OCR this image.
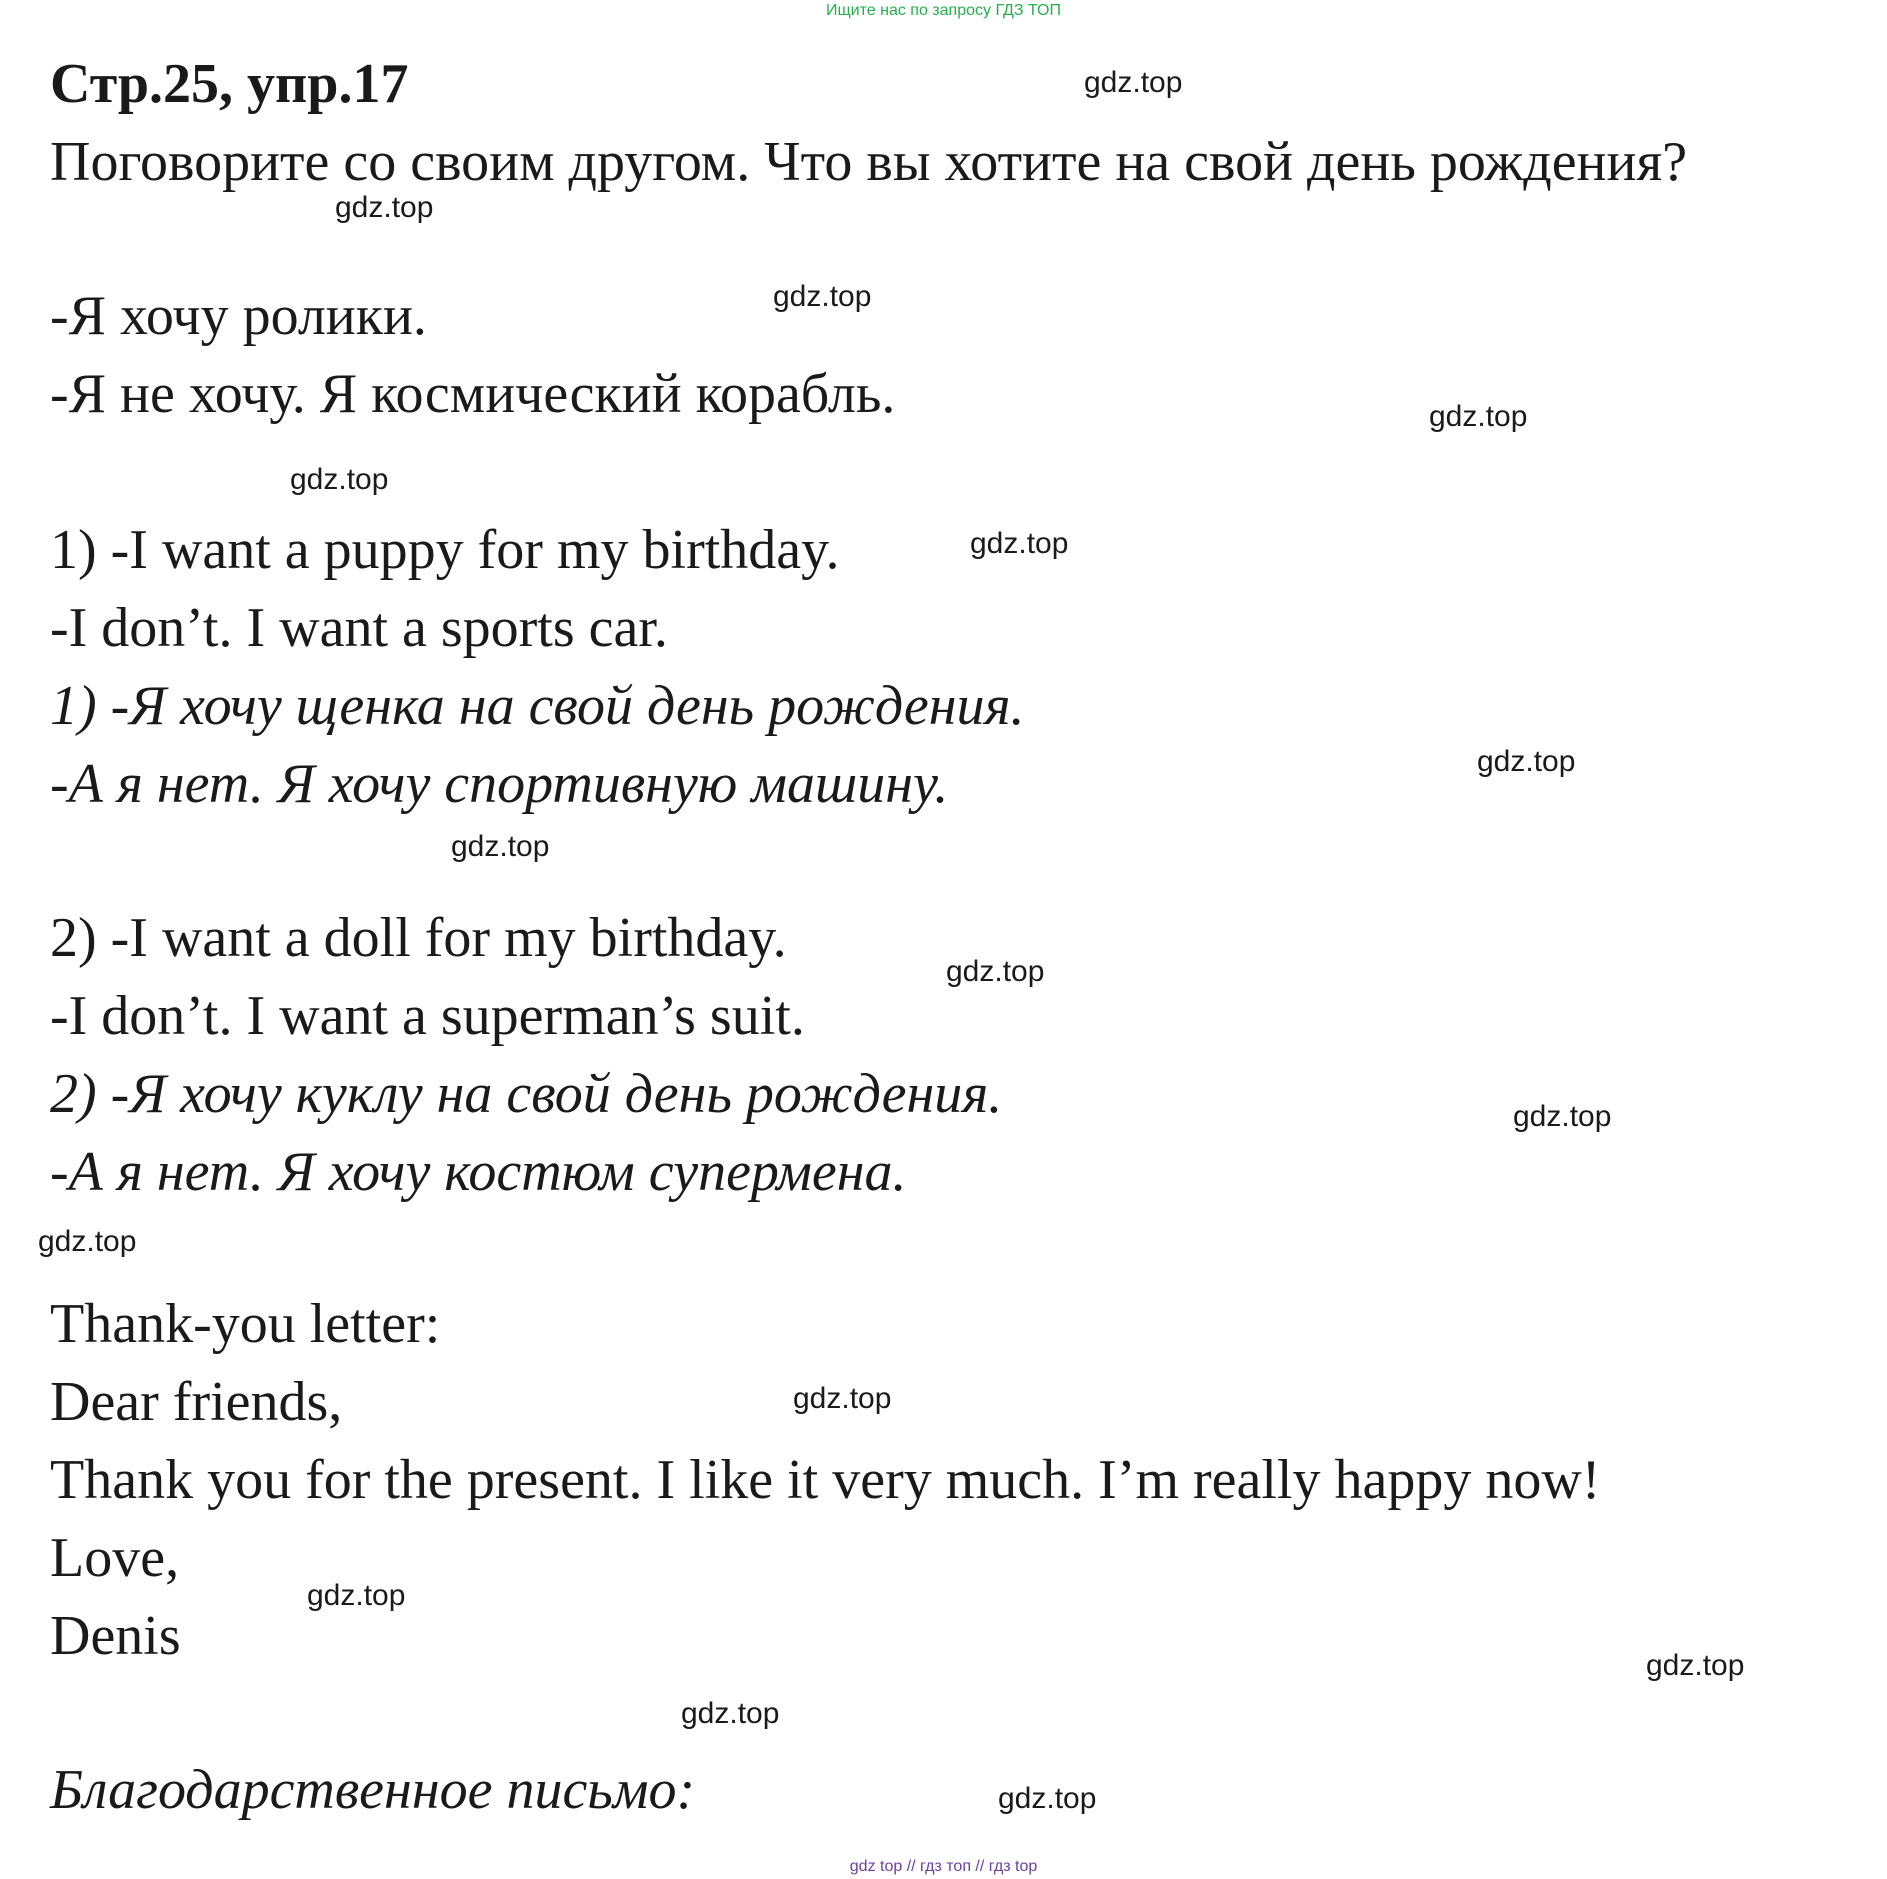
Ищите нас по запросу ГДЗ ТОП
Стр.25, упр.17
Поговорите со своим другом. Что вы хотите на свой день рождения?
-Я хочу ролики.
-Я не хочу. Я космический корабль.
1) -I want a puppy for my birthday.
-I don’t. I want a sports car.
1) -Я хочу щенка на свой день рождения.
-А я нет. Я хочу спортивную машину.
2) -I want a doll for my birthday.
-I don’t. I want a superman’s suit.
2) -Я хочу куклу на свой день рождения.
-А я нет. Я хочу костюм супермена.
Thank-you letter:
Dear friends,
Thank you for the present. I like it very much. I’m really happy now!
Love,
Denis
Благодарственное письмо:
gdz.top
gdz.top
gdz.top
gdz.top
gdz.top
gdz.top
gdz.top
gdz.top
gdz.top
gdz.top
gdz.top
gdz.top
gdz.top
gdz.top
gdz.top
gdz.top
gdz top // гдз топ // гдз top
